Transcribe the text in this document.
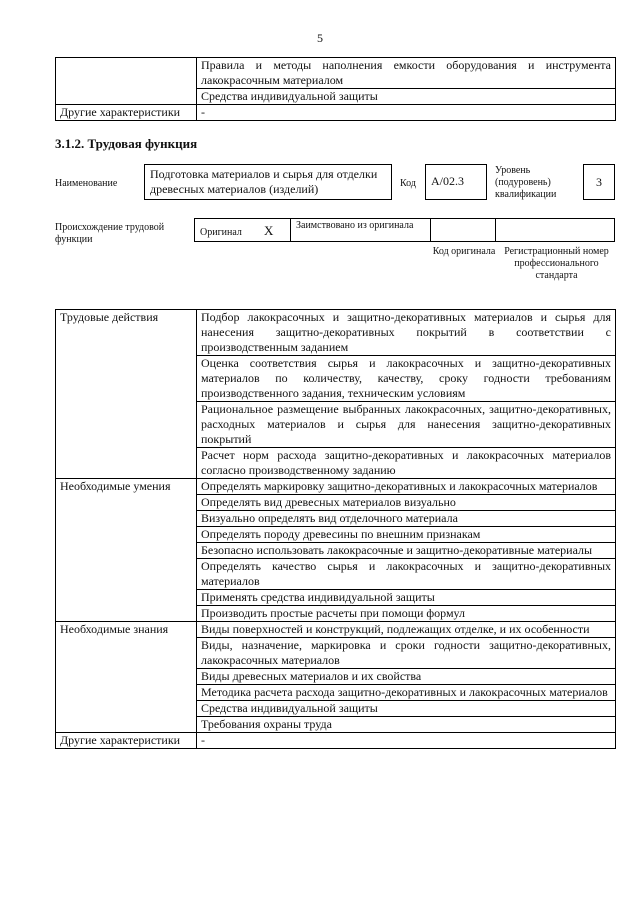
5
	Правила и методы наполнения емкости оборудования и инструмента лакокрасочным материалом
	Средства индивидуальной защиты
Другие характеристики	-
3.1.2. Трудовая функция
Наименование
Подготовка материалов и сырья для отделки древесных материалов (изделий)	Код	А/02.3
Уровень (подуровень) квалификации
3
Происхождение трудовой функции
Оригинал Х Заимствовано из оригинала
Код оригинала Регистрационный номер профессионального стандарта
Трудовые действия	Подбор лакокрасочных и защитно-декоративных материалов и сырья для нанесения защитно-декоративных покрытий в соответствии с производственным заданием
	Оценка соответствия сырья и лакокрасочных и защитно-декоративных материалов по количеству, качеству, сроку годности требованиям производственного задания, техническим условиям
	Рациональное размещение выбранных лакокрасочных, защитно-декоративных, расходных материалов и сырья для нанесения защитно-декоративных покрытий
	Расчет норм расхода защитно-декоративных и лакокрасочных материалов согласно производственному заданию
Необходимые умения	Определять маркировку защитно-декоративных и лакокрасочных материалов
	Определять вид древесных материалов визуально
	Визуально определять вид отделочного материала
	Определять породу древесины по внешним признакам
	Безопасно использовать лакокрасочные и защитно-декоративные материалы
	Определять качество сырья и лакокрасочных и защитно-декоративных материалов
	Применять средства индивидуальной защиты
	Производить простые расчеты при помощи формул
Необходимые знания	Виды поверхностей и конструкций, подлежащих отделке, и их особенности
	Виды, назначение, маркировка и сроки годности защитно-декоративных, лакокрасочных материалов
	Виды древесных материалов и их свойства
	Методика расчета расхода защитно-декоративных и лакокрасочных материалов
	Средства индивидуальной защиты
	Требования охраны труда
Другие характеристики	-
